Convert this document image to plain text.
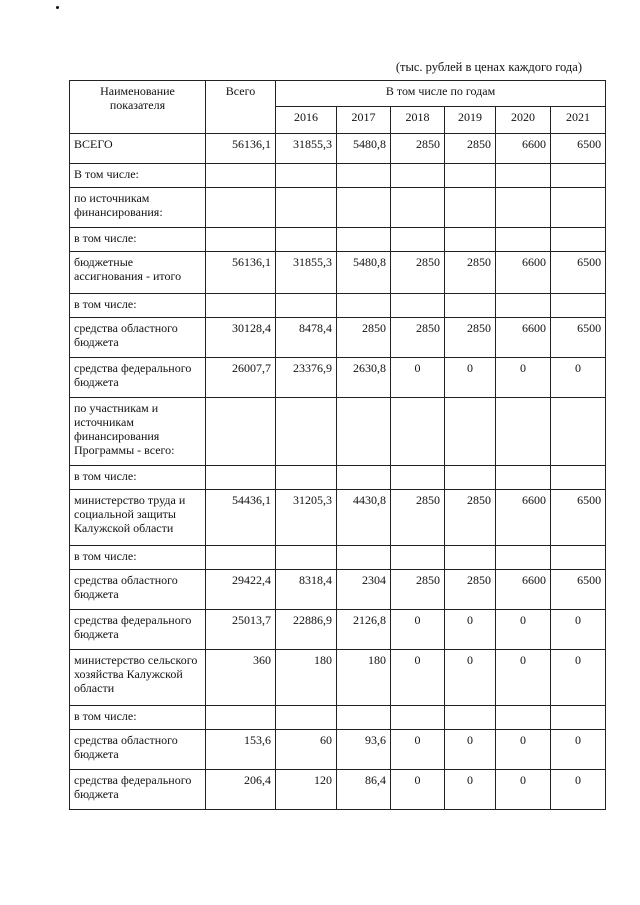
(тыс. рублей в ценах каждого года)
Наименование показателя	Всего	В том числе по годам					
		2016	2017	2018	2019	2020	2021
ВСЕГО	56136,1	31855,3	5480,8	2850	2850	6600	6500
В том числе:							
по источникам финансирования:							
в том числе:							
бюджетные ассигнования - итого	56136,1	31855,3	5480,8	2850	2850	6600	6500
в том числе:							
средства областного бюджета	30128,4	8478,4	2850	2850	2850	6600	6500
средства федерального бюджета	26007,7	23376,9	2630,8	0	0	0	0
по участникам и источникам финансирования Программы - всего:							
в том числе:							
министерство труда и социальной защиты Калужской области	54436,1	31205,3	4430,8	2850	2850	6600	6500
в том числе:							
средства областного бюджета	29422,4	8318,4	2304	2850	2850	6600	6500
средства федерального бюджета	25013,7	22886,9	2126,8	0	0	0	0
министерство сельского хозяйства Калужской области	360	180	180	0	0	0	0
в том числе:							
средства областного бюджета	153,6	60	93,6	0	0	0	0
средства федерального бюджета	206,4	120	86,4	0	0	0	0
